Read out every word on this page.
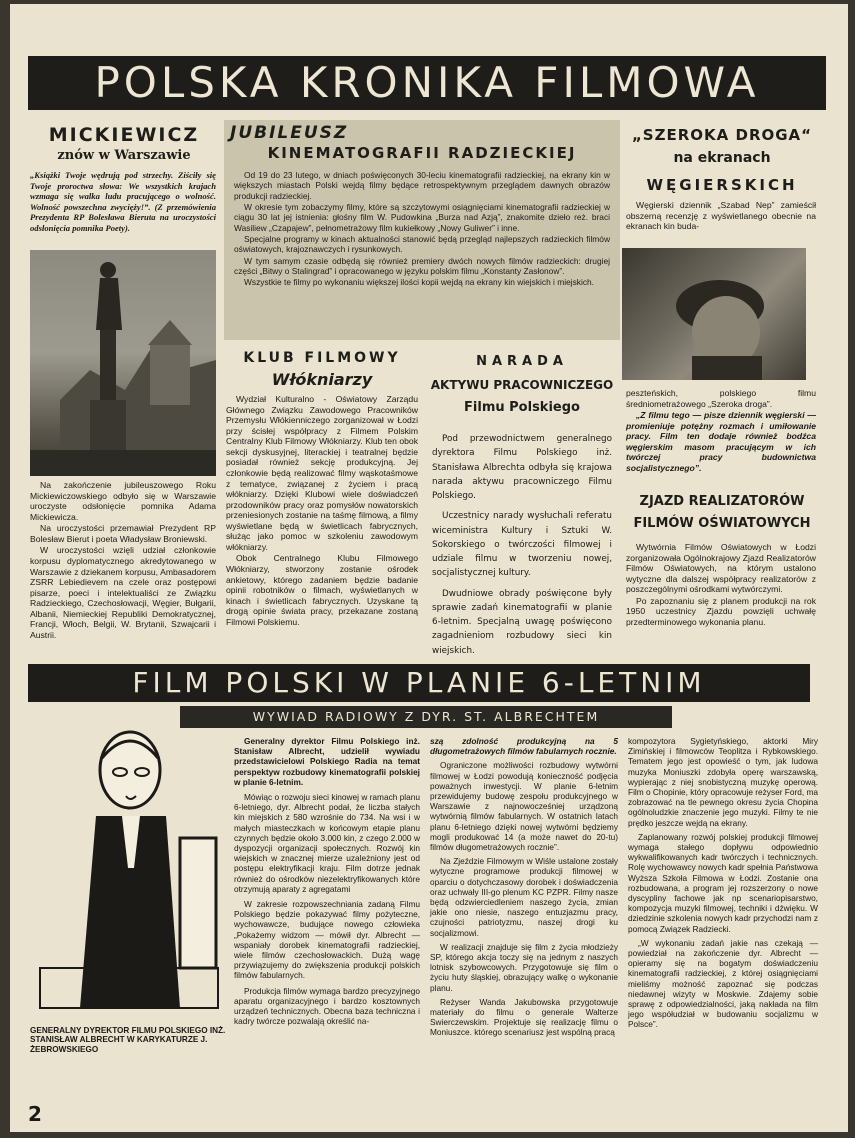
POLSKA KRONIKA FILMOWA
MICKIEWICZ
znów w Warszawie

„Książki Twoje wędrują pod strzechy. Ziściły się Twoje proroctwa słowa: We wszystkich krajach wzmaga się walka ludu pracującego o wolność. Wolność powszechna zwycięży!”. (Z przemówienia Prezydenta RP Bolesława Bieruta na uroczystości odsłonięcia pomnika Poety).

Na zakończenie jubileuszowego Roku Mickiewiczowskiego odbyło się w Warszawie uroczyste odsłonięcie pomnika Adama Mickiewicza.

Na uroczystości przemawiał Prezydent RP Bolesław Bierut i poeta Władysław Broniewski.

W uroczystości wzięli udział członkowie korpusu dyplomatycznego akredytowanego w Warszawie z dziekanem korpusu, Ambasadorem ZSRR Lebiedievem na czele oraz postępowi pisarze, poeci i intelektualiści ze Związku Radzieckiego, Czechosłowacji, Węgier, Bułgarii, Albanii, Niemieckiej Republiki Demokratycznej, Francji, Włoch, Belgii, W. Brytanii, Szwajcarii i Austrii.

JUBILEUSZ
KINEMATOGRAFII RADZIECKIEJ

Od 19 do 23 lutego, w dniach poświęconych 30-leciu kinematografii radzieckiej, na ekrany kin w większych miastach Polski wejdą filmy będące retrospektywnym przeglądem dawnych obrazów produkcji radzieckiej.

W okresie tym zobaczymy filmy, które są szczytowymi osiągnięciami kinematografii radzieckiej w ciągu 30 lat jej istnienia: głośny film W. Pudowkina „Burza nad Azją”, znakomite dzieło reż. braci Wasiliew „Czapajew”, pełnometrażowy film kukiełkowy „Nowy Guliwer” i inne.

Specjalne programy w kinach aktualności stanowić będą przegląd najlepszych radzieckich filmów oświatowych, krajoznawczych i rysunkowych.

W tym samym czasie odbędą się również premiery dwóch nowych filmów radzieckich: drugiej części „Bitwy o Stalingrad” i opracowanego w języku polskim filmu „Konstanty Zasłonow”.

Wszystkie te filmy po wykonaniu większej ilości kopii wejdą na ekrany kin wiejskich i miejskich.

„SZEROKA DROGA“
na ekranach
WĘGIERSKICH

Węgierski dziennik „Szabad Nep” zamieścił obszerną recenzję z wyświetlanego obecnie na ekranach kin buda-

peszteńskich, polskiego filmu średniometrażowego „Szeroka droga”.

„Z filmu tego — pisze dziennik węgierski — promieniuje potężny rozmach i umiłowanie pracy. Film ten dodaje również bodźca węgierskim masom pracującym w ich twórczej pracy budownictwa socjalistycznego”.

KLUB FILMOWY
Włókniarzy

Wydział Kulturalno - Oświatowy Zarządu Głównego Związku Zawodowego Pracowników Przemysłu Włókienniczego zorganizował w Łodzi przy ścisłej współpracy z Filmem Polskim Centralny Klub Filmowy Włókniarzy. Klub ten obok sekcji dyskusyjnej, literackiej i teatralnej będzie posiadał również sekcję produkcyjną. Jej członkowie będą realizować filmy wąskotaśmowe z tematyce, związanej z życiem i pracą włókniarzy. Dzięki Klubowi wiele doświadczeń przodowników pracy oraz pomysłów nowatorskich przeniesionych zostanie na taśmę filmową, a filmy wyświetlane będą w świetlicach fabrycznych, służąc jako pomoc w szkoleniu zawodowym włókniarzy.

Obok Centralnego Klubu Filmowego Włókniarzy, stworzony zostanie ośrodek ankietowy, którego zadaniem będzie badanie opinii robotników o filmach, wyświetlanych w kinach i świetlicach fabrycznych. Uzyskane tą drogą opinie świata pracy, przekazane zostaną Filmowi Polskiemu.

NARADA
AKTYWU PRACOWNICZEGO
Filmu Polskiego

Pod przewodnictwem generalnego dyrektora Filmu Polskiego inż. Stanisława Albrechta odbyła się krajowa narada aktywu pracowniczego Filmu Polskiego.

Uczestnicy narady wysłuchali referatu wiceministra Kultury i Sztuki W. Sokorskiego o twórczości filmowej i udziale filmu w tworzeniu nowej, socjalistycznej kultury.

Dwudniowe obrady poświęcone były sprawie zadań kinematografii w planie 6-letnim. Specjalną uwagę poświęcono zagadnieniom rozbudowy sieci kin wiejskich.

ZJAZD REALIZATORÓW
FILMÓW OŚWIATOWYCH

Wytwórnia Filmów Oświatowych w Łodzi zorganizowała Ogólnokrajowy Zjazd Realizatorów Filmów Oświatowych, na którym ustalono wytyczne dla dalszej współpracy realizatorów z poszczególnymi ośrodkami wytwórczymi.

Po zapoznaniu się z planem produkcji na rok 1950 uczestnicy Zjazdu powzięli uchwałę przedterminowego wykonania planu.

FILM POLSKI W PLANIE 6-LETNIM
WYWIAD RADIOWY Z DYR. ST. ALBRECHTEM
GENERALNY DYREKTOR FILMU POLSKIEGO INŻ. STANISŁAW ALBRECHT W KARYKATURZE J. ŻEBROWSKIEGO

Generalny dyrektor Filmu Polskiego inż. Stanisław Albrecht, udzielił wywiadu przedstawicielowi Polskiego Radia na temat perspektyw rozbudowy kinematografii polskiej w planie 6-letnim.

Mówiąc o rozwoju sieci kinowej w ramach planu 6-letniego, dyr. Albrecht podał, że liczba stałych kin miejskich z 580 wzrośnie do 734. Na wsi i w małych miasteczkach w końcowym etapie planu czynnych będzie około 3.000 kin, z czego 2.000 w dyspozycji organizacji społecznych. Rozwój kin wiejskich w znacznej mierze uzależniony jest od postępu elektryfikacji kraju. Film dotrze jednak również do ośrodków niezelektryfikowanych które otrzymują aparaty z agregatami

W zakresie rozpowszechniania zadaną Filmu Polskiego będzie pokazywać filmy pożyteczne, wychowawcze, budujące nowego człowieka „Pokażemy widzom — mówił dyr. Albrecht — wspaniały dorobek kinematografii radzieckiej, wiele filmów czechosłowackich. Dużą wagę przywiązujemy do zwiększenia produkcji polskich filmów fabularnych.

Produkcja filmów wymaga bardzo precyzyjnego aparatu organizacyjnego i bardzo kosztownych urządzeń technicznych. Obecna baza techniczna i kadry twórcze pozwalają określić na-

szą zdolność produkcyjną na 5 długometrażowych filmów fabularnych rocznie.

Ograniczone możliwości rozbudowy wytwórni filmowej w Łodzi powodują konieczność podjęcia poważnych inwestycji. W planie 6-letnim przewidujemy budowę zespołu produkcyjnego w Warszawie z najnowocześniej urządzoną wytwórnią filmów fabularnych. W ostatnich latach planu 6-letniego dzięki nowej wytwórni będziemy mogli produkować 14 (a może nawet do 20-tu) filmów długometrażowych rocznie”.

Na Zjeździe Filmowym w Wiśle ustalone zostały wytyczne programowe produkcji filmowej w oparciu o dotychczasowy dorobek i doświadczenia oraz uchwały III-go plenum KC PZPR. Filmy nasze będą odzwierciedleniem naszego życia, zmian jakie ono niesie, naszego entuzjazmu pracy, czujności patriotyzmu, naszej drogi ku socjalizmowi.

W realizacji znajduje się film z życia młodzieży SP, którego akcja toczy się na jednym z naszych lotnisk szybowcowych. Przygotowuje się film o życiu huty śląskiej, obrazujący walkę o wykonanie planu.

Reżyser Wanda Jakubowska przygotowuje materiały do filmu o generale Walterze Swierczewskim. Projektuje się realizację filmu o Moniuszce. którego scenariusz jest wspólną pracą

kompozytora Sygietyńskiego, aktorki Miry Zimińskiej i filmowców Teoplitza i Rybkowskiego. Tematem jego jest opowieść o tym, jak ludowa muzyka Moniuszki zdobyła operę warszawską, wypierając z niej snobistyczną muzykę operową. Film o Chopinie, który opracowuje reżyser Ford, ma zobrazować na tle pewnego okresu życia Chopina ogólnoludzkie znaczenie jego muzyki. Filmy te nie prędko jeszcze wejdą na ekrany.

Zaplanowany rozwój polskiej produkcji filmowej wymaga stałego dopływu odpowiednio wykwalifikowanych kadr twórczych i technicznych. Rolę wychowawcy nowych kadr spełnia Państwowa Wyższa Szkoła Filmowa w Łodzi. Zostanie ona rozbudowana, a program jej rozszerzony o nowe dyscypliny fachowe jak np scenariopisarstwo, kompozycja muzyki filmowej, techniki i dźwięku. W dziedzinie szkolenia nowych kadr przychodzi nam z pomocą Związek Radziecki.

„W wykonaniu zadań jakie nas czekają — powiedział na zakończenie dyr. Albrecht — opieramy się na bogatym doświadczeniu kinematografii radzieckiej, z której osiągnięciami mieliśmy możność zapoznać się podczas niedawnej wizyty w Moskwie. Zdajemy sobie sprawę z odpowiedzialności, jaką nakłada na film jego współudział w budowaniu socjalizmu w Polsce”.

2
